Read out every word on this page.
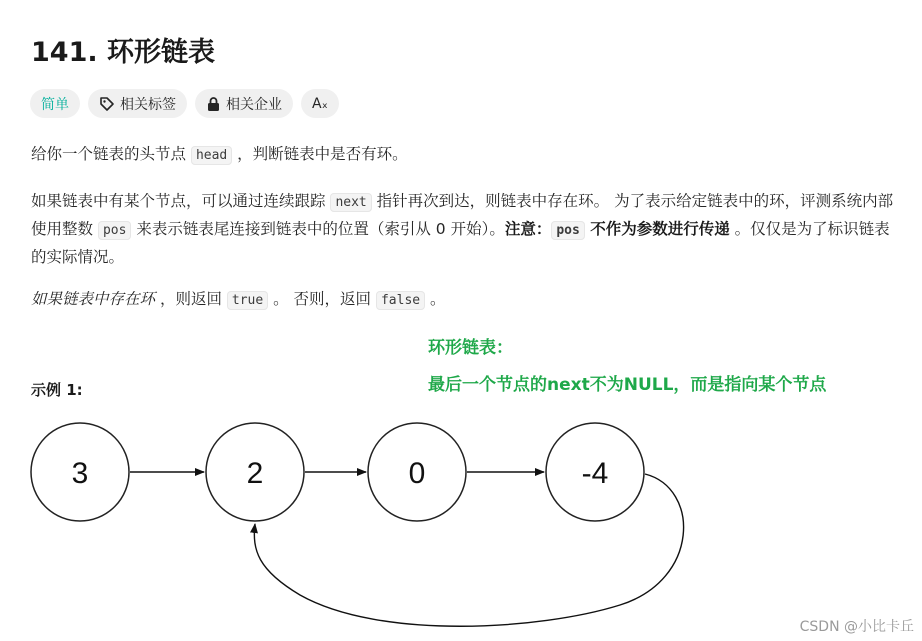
141. 环形链表
简单	相关标签	相关企业 Aₓ
给你一个链表的头节点 head ，判断链表中是否有环。
如果链表中有某个节点，可以通过连续跟踪 next 指针再次到达，则链表中存在环。 为了表示给定链表中的环，评测系统内部使用整数 pos 来表示链表尾连接到链表中的位置（索引从 0 开始）。注意： pos 不作为参数进行传递 。仅仅是为了标识链表的实际情况。
如果链表中存在环 ，则返回 true 。 否则，返回 false 。
环形链表：
最后一个节点的next不为NULL，而是指向某个节点
示例 1:
3	2	0	-4
CSDN @小比卡丘
